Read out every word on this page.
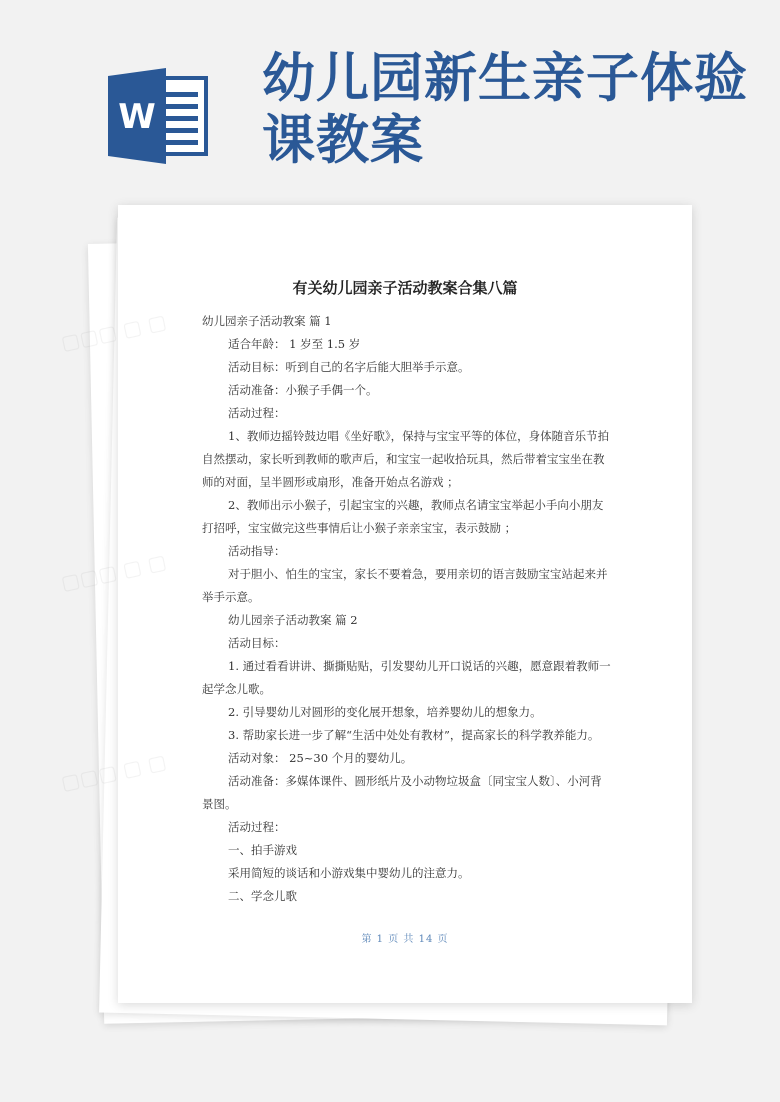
W
幼儿园新生亲子体验课教案
有关幼儿园亲子活动教案合集八篇

幼儿园亲子活动教案 篇 1

适合年龄： 1 岁至 1.5 岁

活动目标：听到自己的名字后能大胆举手示意。

活动准备：小猴子手偶一个。

活动过程：

1、教师边摇铃鼓边唱《坐好歌》，保持与宝宝平等的体位，身体随音乐节拍自然摆动，家长听到教师的歌声后，和宝宝一起收拾玩具，然后带着宝宝坐在教师的对面，呈半圆形或扇形，准备开始点名游戏 ；

2、教师出示小猴子，引起宝宝的兴趣，教师点名请宝宝举起小手向小朋友打招呼，宝宝做完这些事情后让小猴子亲亲宝宝，表示鼓励 ；

活动指导：

对于胆小、怕生的宝宝，家长不要着急，要用亲切的语言鼓励宝宝站起来并举手示意。

幼儿园亲子活动教案 篇 2

活动目标：

1. 通过看看讲讲、撕撕贴贴，引发婴幼儿开口说话的兴趣，愿意跟着教师一起学念儿歌。

2. 引导婴幼儿对圆形的变化展开想象，培养婴幼儿的想象力。

3. 帮助家长进一步了解“生活中处处有教材”，提高家长的科学教养能力。

活动对象： 25~30 个月的婴幼儿。

活动准备：多媒体课件、圆形纸片及小动物垃圾盒〔同宝宝人数〕、小河背景图。

活动过程：

一、拍手游戏

采用简短的谈话和小游戏集中婴幼儿的注意力。

二、学念儿歌

第 1 页 共 14 页
▢▢▢
▢▢▢
